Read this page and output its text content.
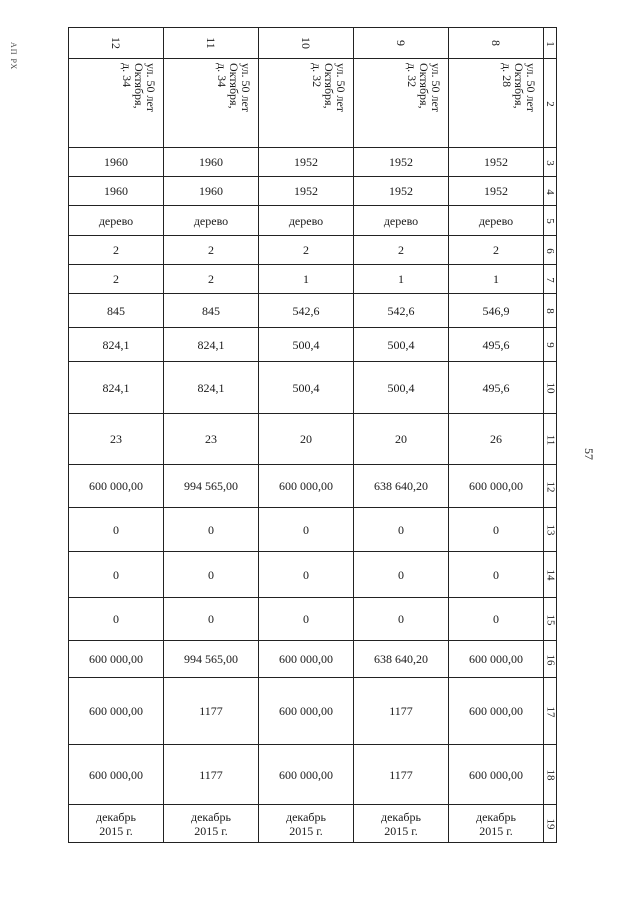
АП РХ
57
12	11	10	9	8	1

ул. 50 лет
Октября,
д. 34	ул. 50 лет
Октября,
д. 34	ул. 50 лет
Октября,
д. 32	ул. 50 лет
Октября,
д. 32	ул. 50 лет
Октября,
д. 28	2

1960	1960	1952	1952	1952	3

1960	1960	1952	1952	1952	4

дерево	дерево	дерево	дерево	дерево	5

2	2	2	2	2	6

2	2	1	1	1	7

845	845	542,6	542,6	546,9	8

824,1	824,1	500,4	500,4	495,6	9

824,1	824,1	500,4	500,4	495,6	10

23	23	20	20	26	11

600 000,00	994 565,00	600 000,00	638 640,20	600 000,00	12

0	0	0	0	0	13

0	0	0	0	0	14

0	0	0	0	0	15

600 000,00	994 565,00	600 000,00	638 640,20	600 000,00	16

600 000,00	1177	600 000,00	1177	600 000,00	17

600 000,00	1177	600 000,00	1177	600 000,00	18

декабрь
2015 г.	декабрь
2015 г.	декабрь
2015 г.	декабрь
2015 г.	декабрь
2015 г.	19
